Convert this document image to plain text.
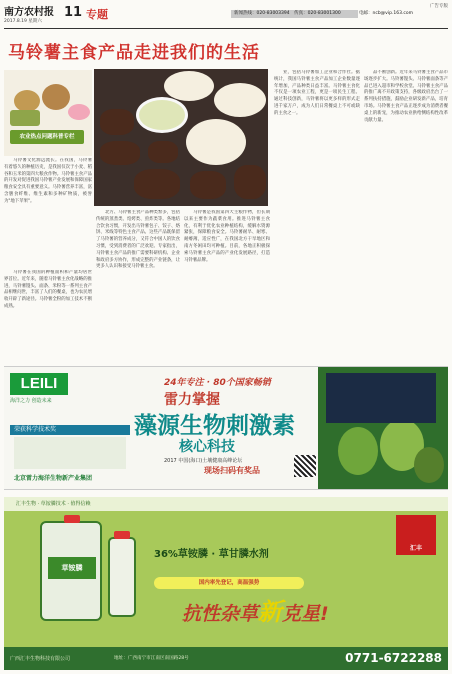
南方农村报
2017.8.19 星期六
11 专题	新闻热线：020-83003394　传真：020-83001300	电邮：ncb@vip.163.com
广告专版
马铃薯主食产品走进我们的生活
农业热点问题科普专栏

马铃薯文化源远流长。在我国，马铃薯有着悠久的种植历史，是我国仅次于小麦、稻谷和玉米的第四大粮食作物。马铃薯主食产品的开发对促进我国马铃薯产业发展和保障国家粮食安全具有重要意义。马铃薯营养丰富，富含膳食纤维、维生素和多种矿物质，被誉为"地下苹果"。

马铃薯在我国的种植面积和产量均居世界首位。近年来，随着马铃薯主食化战略的推进，马铃薯馒头、面条、米粉等一系列主食产品相继问世，丰富了人们的餐桌，也为农民增收开辟了新途径。马铃薯全粉的加工技术不断成熟。

北方、马铃薯主食产品种类繁多，包括传统的蒸煮类、焙烤类、煎炸类等。各地结合饮食习惯，开发出马铃薯包子、饺子、烙饼、米线等特色主食产品。这些产品既保留了马铃薯的营养成分，又符合中国人的饮食习惯，受到消费者的广泛欢迎。专家指出，马铃薯主食产品的推广需要科研机构、企业和政府多方协作，形成完整的产业链条，让更多人认识和接受马铃薯主食。

马铃薯是我国第四大主粮作物，但长期以来主要作为蔬菜食用。推进马铃薯主食化，有利于优化农业种植结构，缓解水资源紧张，保障粮食安全。马铃薯耐旱、耐寒、耐瘠薄，适应性广，在我国北方干旱地区和南方冬闲田均可种植。目前，各地正积极探索马铃薯主食产品的产业化发展路径，打造马铃薯品牌。

业，包括马铃薯加工企业和合作社。据统计，我国马铃薯主食产品加工企业数量逐年增加，产品种类日益丰富。马铃薯主食化不仅是一项农业工程，更是一项民生工程。通过科技创新，马铃薯将以更多样的形式走进千家万户，成为人们日常餐桌上不可或缺的主食之一。

品不断创新。近年来马铃薯主食产品市场逐步扩大。马铃薯馒头、马铃薯面条等产品已进入超市和学校食堂。马铃薯主食产品的推广离不开政策支持，各级政府出台了一系列扶持措施，鼓励企业研发新产品，培育市场。马铃薯主食产品正逐步成为消费者餐桌上的新宠，为推动农业供给侧结构性改革贡献力量。

LEILI
海洋之力 创造未来
荣获科学技术奖
北京雷力海洋生物新产业集团
24年专注 · 80个国家畅销
雷力掌握
藻源生物刺激素
核心科技
2017 中国(海口)土壤健康高峰论坛
现场扫码有奖品
汇丰生物 · 草铵膦技术 · 值得信赖
草铵膦
36%草铵膦 · 草甘膦水剂
国内率先登记，高温强势
抗性杂草新克星!
汇丰
广西汇丰生物科技有限公司	地址：广西南宁市江南区南国路28号	0771-6722288
